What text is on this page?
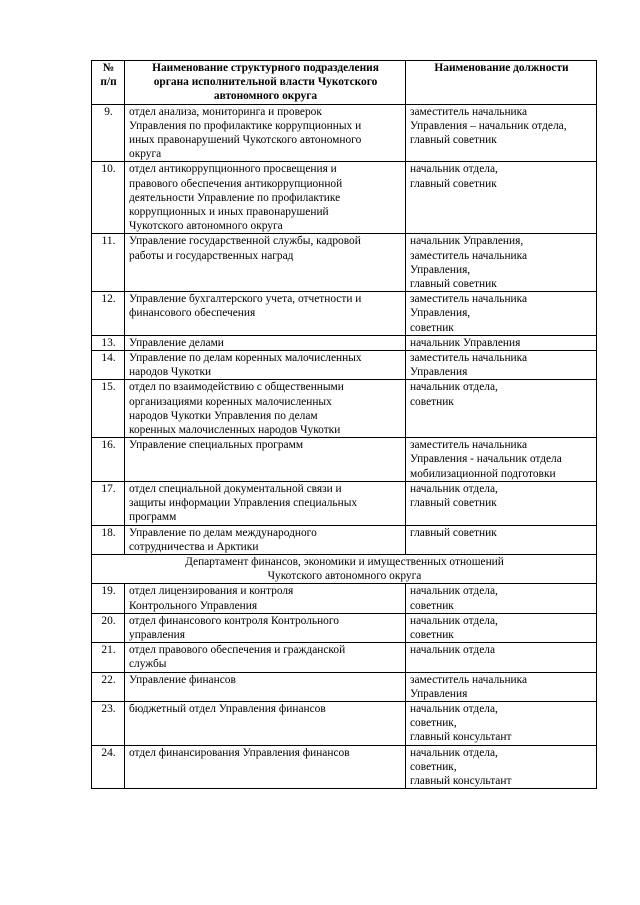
№
п/п	Наименование структурного подразделения
органа исполнительной власти Чукотского
автономного округа	Наименование должности
9.	отдел анализа, мониторинга и проверок
Управления по профилактике коррупционных и
иных правонарушений Чукотского автономного
округа	заместитель начальника
Управления – начальник отдела,
главный советник
10.	отдел антикоррупционного просвещения и
правового обеспечения антикоррупционной
деятельности Управление по профилактике
коррупционных и иных правонарушений
Чукотского автономного округа	начальник отдела,
главный советник
11.	Управление государственной службы, кадровой
работы и государственных наград	начальник Управления,
заместитель начальника
Управления,
главный советник
12.	Управление бухгалтерского учета, отчетности и
финансового обеспечения	заместитель начальника
Управления,
советник
13.	Управление делами	начальник Управления
14.	Управление по делам коренных малочисленных
народов Чукотки	заместитель начальника
Управления
15.	отдел по взаимодействию с общественными
организациями коренных малочисленных
народов Чукотки Управления по делам
коренных малочисленных народов Чукотки	начальник отдела,
советник
16.	Управление специальных программ	заместитель начальника
Управления - начальник отдела
мобилизационной подготовки
17.	отдел специальной документальной связи и
защиты информации Управления специальных
программ	начальник отдела,
главный советник
18.	Управление по делам международного
сотрудничества и Арктики	главный советник
Департамент финансов, экономики и имущественных отношений
Чукотского автономного округа		
19.	отдел лицензирования и контроля
Контрольного Управления	начальник отдела,
советник
20.	отдел финансового контроля Контрольного
управления	начальник отдела,
советник
21.	отдел правового обеспечения и гражданской
службы	начальник отдела
22.	Управление финансов	заместитель начальника
Управления
23.	бюджетный отдел Управления финансов	начальник отдела,
советник,
главный консультант
24.	отдел финансирования Управления финансов	начальник отдела,
советник,
главный консультант
